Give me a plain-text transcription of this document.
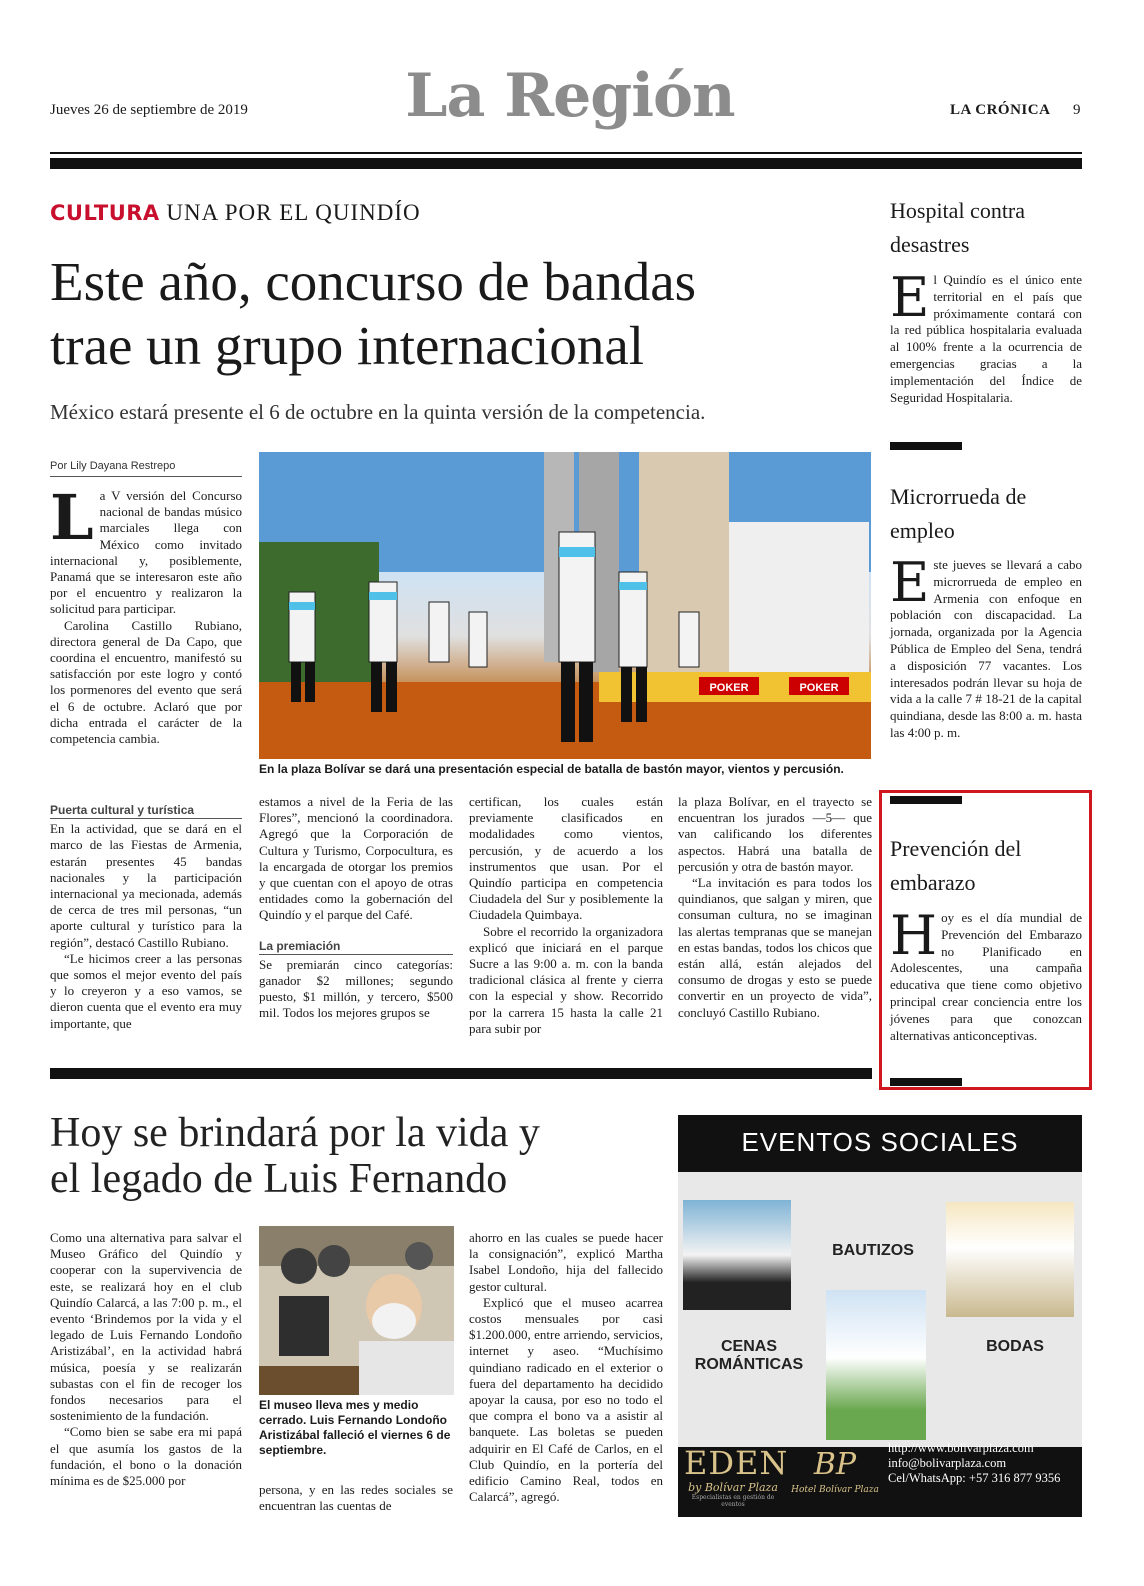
Jueves 26 de septiembre de 2019	La Región	LA CRÓNICA 9
CULTURA UNA POR EL QUINDÍO
Este año, concurso de bandas
trae un grupo internacional
México estará presente el 6 de octubre en la quinta versión de la competencia.
Por Lily Dayana Restrepo

La V versión del Concurso nacional de bandas músico marciales llega con México como invitado internacional y, posiblemente, Panamá que se interesaron este año por el encuentro y realizaron la solicitud para participar.

Carolina Castillo Rubiano, directora general de Da Capo, que coordina el encuentro, manifestó su satisfacción por este logro y contó los pormenores del evento que será el 6 de octubre. Aclaró que por dicha entrada el carácter de la competencia cambia.

POKER	POKER
En la plaza Bolívar se dará una presentación especial de batalla de bastón mayor, vientos y percusión.
Puerta cultural y turística

En la actividad, que se dará en el marco de las Fiestas de Armenia, estarán presentes 45 bandas nacionales y la participación internacional ya mecionada, además de cerca de tres mil personas, “un aporte cultural y turístico para la región”, destacó Castillo Rubiano.

“Le hicimos creer a las personas que somos el mejor evento del país y lo creyeron y a eso vamos, se dieron cuenta que el evento era muy importante, que

estamos a nivel de la Feria de las Flores”, mencionó la coordinadora. Agregó que la Corporación de Cultura y Turismo, Corpocultura, es la encargada de otorgar los premios y que cuentan con el apoyo de otras entidades como la gobernación del Quindío y el parque del Café.

La premiación

Se premiarán cinco categorías: ganador $2 millones; segundo puesto, $1 millón, y tercero, $500 mil. Todos los mejores grupos se

certifican, los cuales están previamente clasificados en modalidades como vientos, percusión, y de acuerdo a los instrumentos que usan. Por el Quindío participa en competencia Ciudadela del Sur y posiblemente la Ciudadela Quimbaya.

Sobre el recorrido la organizadora explicó que iniciará en el parque Sucre a las 9:00 a. m. con la banda tradicional clásica al frente y cierra con la especial y show. Recorrido por la carrera 15 hasta la calle 21 para subir por

la plaza Bolívar, en el trayecto se encuentran los jurados —5— que van calificando los diferentes aspectos. Habrá una batalla de percusión y otra de bastón mayor.

“La invitación es para todos los quindianos, que salgan y miren, que consuman cultura, no se imaginan las alertas tempranas que se manejan en estas bandas, todos los chicos que están allá, están alejados del consumo de drogas y esto se puede convertir en un proyecto de vida”, concluyó Castillo Rubiano.

Hospital contra desastres
El Quindío es el único ente territorial en el país que próximamente contará con la red pública hospitalaria evaluada al 100% frente a la ocurrencia de emergencias gracias a la implementación del Índice de Seguridad Hospitalaria.
Microrrueda de empleo
Este jueves se llevará a cabo microrrueda de empleo en Armenia con enfoque en población con discapacidad. La jornada, organizada por la Agencia Pública de Empleo del Sena, tendrá a disposición 77 vacantes. Los interesados podrán llevar su hoja de vida a la calle 7 # 18-21 de la capital quindiana, desde las 8:00 a. m. hasta las 4:00 p. m.
Prevención del embarazo
Hoy es el día mundial de Prevención del Embarazo no Planificado en Adolescentes, una campaña educativa que tiene como objetivo principal crear conciencia entre los jóvenes para que conozcan alternativas anticonceptivas.
Hoy se brindará por la vida y
el legado de Luis Fernando

Como una alternativa para salvar el Museo Gráfico del Quindío y cooperar con la supervivencia de este, se realizará hoy en el club Quindío Calarcá, a las 7:00 p. m., el evento ‘Brindemos por la vida y el legado de Luis Fernando Londoño Aristizábal’, en la actividad habrá música, poesía y se realizarán subastas con el fin de recoger los fondos necesarios para el sostenimiento de la fundación.

“Como bien se sabe era mi papá el que asumía los gastos de la fundación, el bono o la donación mínima es de $25.000 por

El museo lleva mes y medio cerrado. Luis Fernando Londoño Aristizábal falleció el viernes 6 de septiembre.

persona, y en las redes sociales se encuentran las cuentas de

ahorro en las cuales se puede hacer la consignación”, explicó Martha Isabel Londoño, hija del fallecido gestor cultural.

Explicó que el museo acarrea costos mensuales por casi $1.200.000, entre arriendo, servicios, internet y aseo. “Muchísimo quindiano radicado en el exterior o fuera del departamento ha decidido apoyar la causa, por eso no todo el que compra el bono va a asistir al banquete. Las boletas se pueden adquirir en El Café de Carlos, en el Club Quindío, en la portería del edificio Camino Real, todos en Calarcá”, agregó.

EVENTOS SOCIALES
BAUTIZOS
CENAS
ROMÁNTICAS
BODAS
EDEN
by Bolívar Plaza
Especialistas en gestión de eventos
BP
Hotel Bolívar Plaza
http://www.bolivarplaza.com
info@bolivarplaza.com
Cel/WhatsApp: +57 316 877 9356
